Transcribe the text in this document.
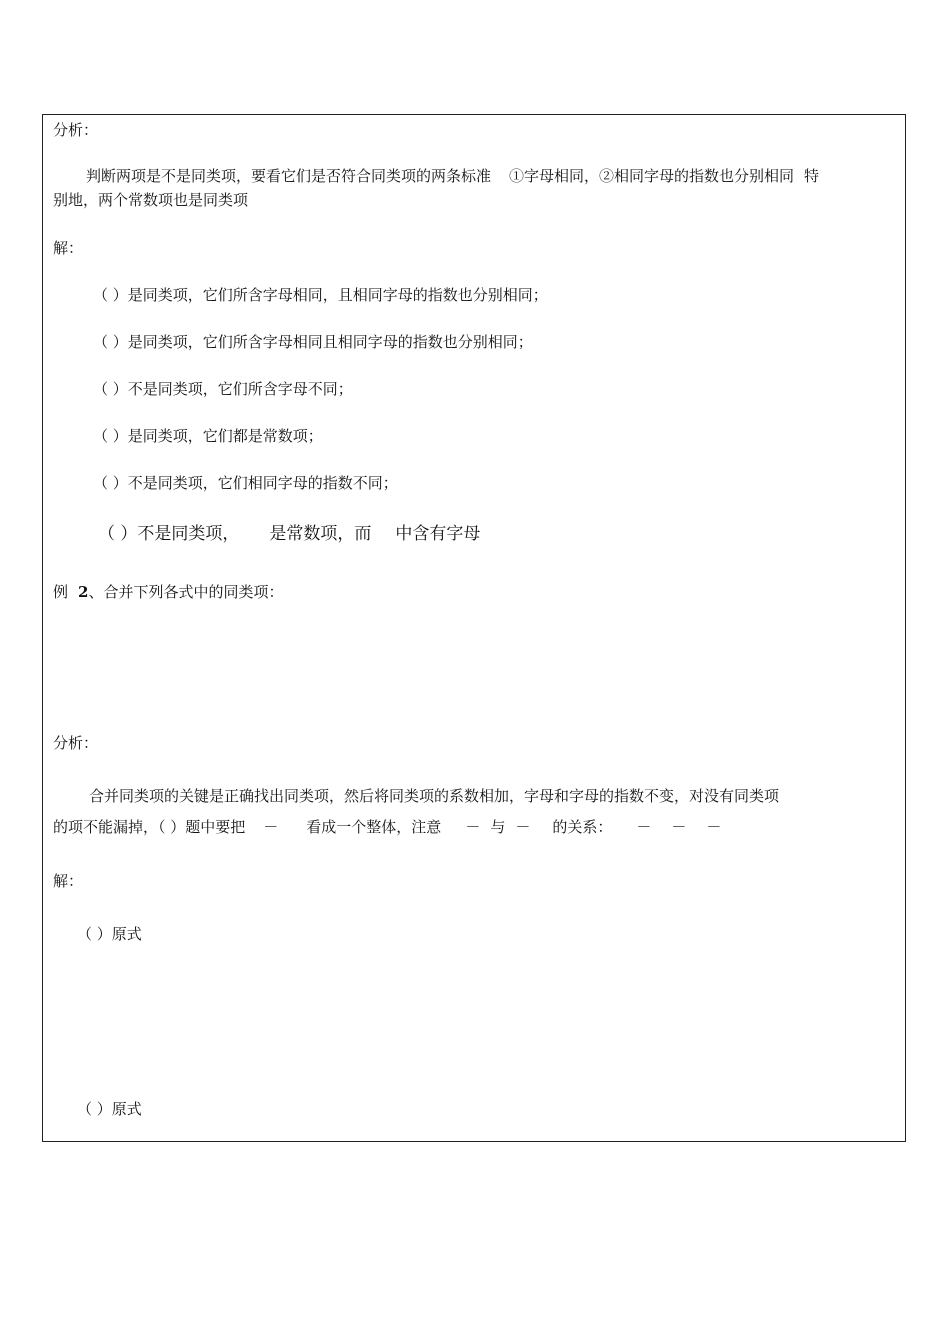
分析：
判断两项是不是同类项，要看它们是否符合同类项的两条标准 ①字母相同，②相同字母的指数也分别相同 特
别地，两个常数项也是同类项
解：
（ ）是同类项，它们所含字母相同，且相同字母的指数也分别相同；
（ ）是同类项，它们所含字母相同且相同字母的指数也分别相同；
（ ）不是同类项，它们所含字母不同；
（ ）是同类项，它们都是常数项；
（ ）不是同类项，它们相同字母的指数不同；
（ ）不是同类项， 是常数项，而 中含有字母
例 2、合并下列各式中的同类项：
分析：
合并同类项的关键是正确找出同类项，然后将同类项的系数相加，字母和字母的指数不变，对没有同类项
的项不能漏掉，（ ）题中要把 － 看成一个整体，注意 － 与 － 的关系： － － －
解：
（ ）原式
（ ）原式
